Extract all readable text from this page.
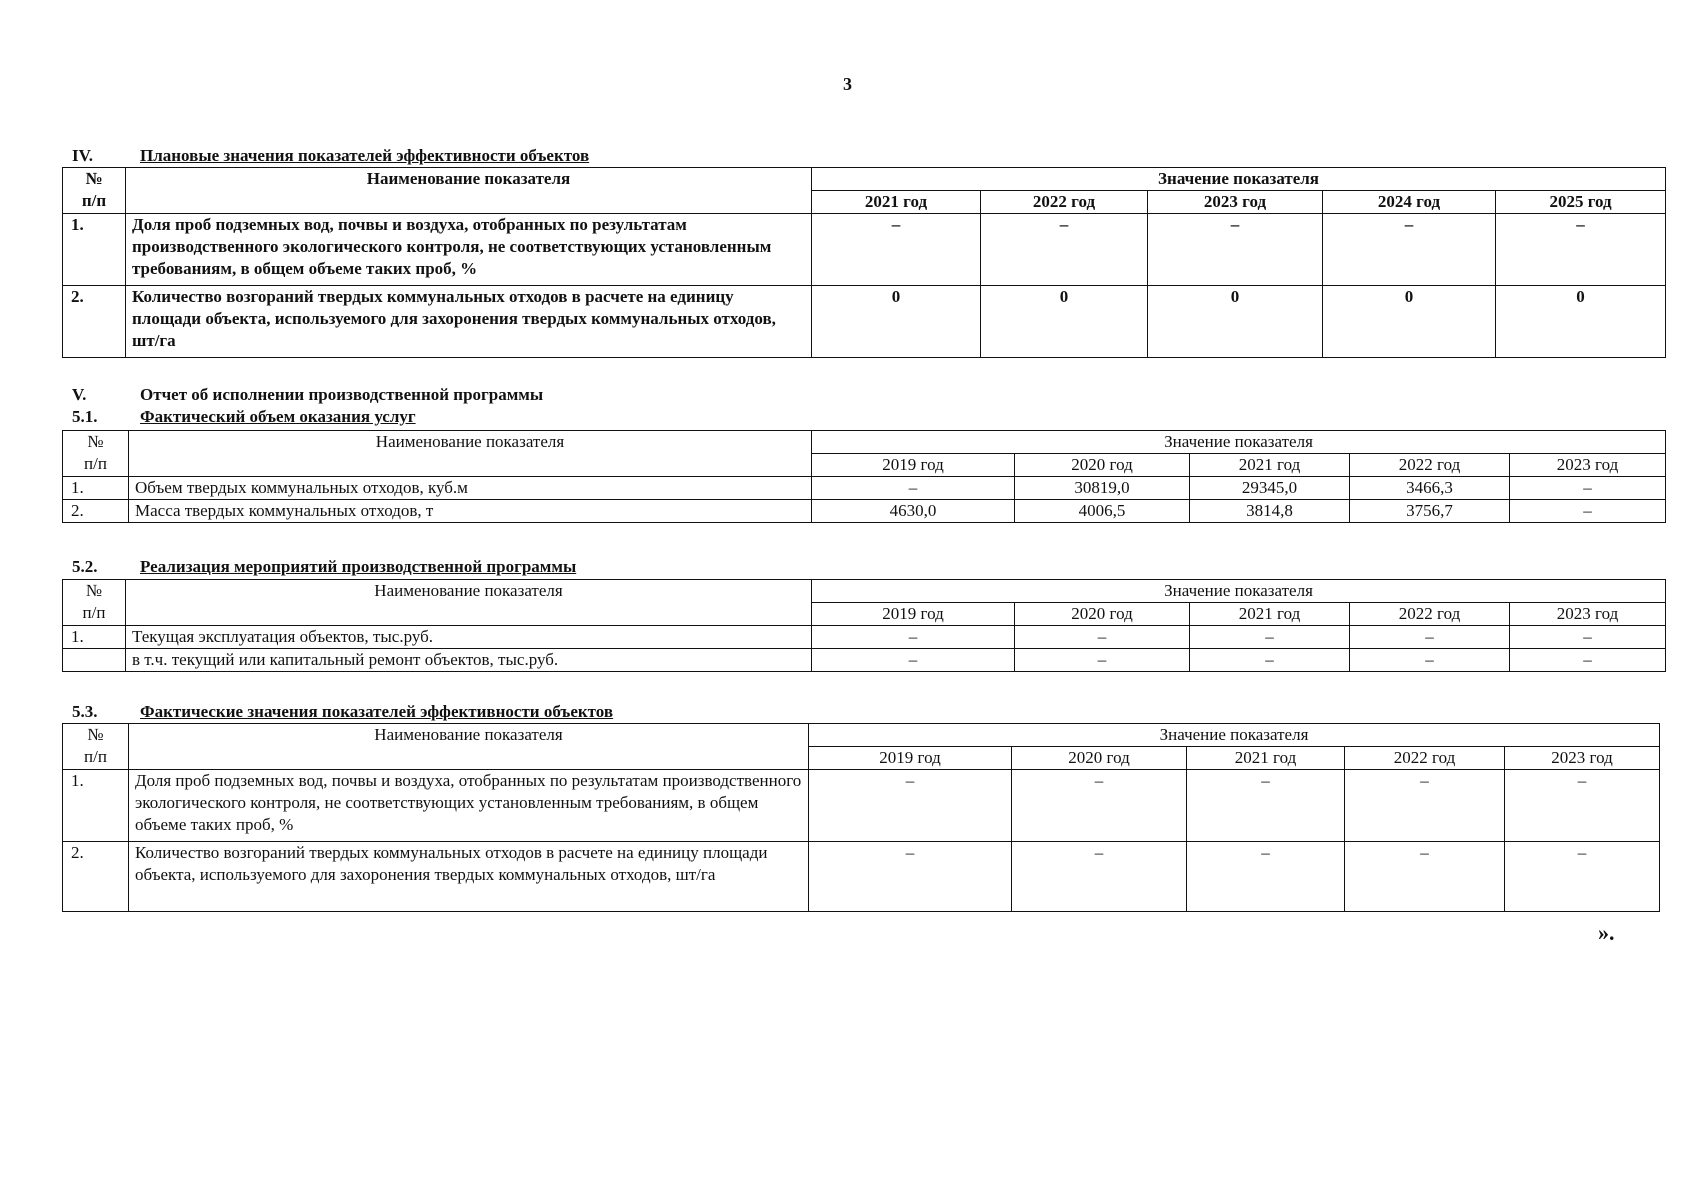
3
IV.	Плановые значения показателей эффективности объектов
№
п/п	Наименование показателя	Значение показателя				
		2021 год	2022 год	2023 год	2024 год	2025 год
1.	Доля проб подземных вод, почвы и воздуха, отобранных по результатам производственного экологического контроля, не соответствующих установленным требованиям, в общем объеме таких проб, %	–	–	–	–	–
2.	Количество возгораний твердых коммунальных отходов в расчете на единицу площади объекта, используемого для захоронения твердых коммунальных отходов, шт/га	0	0	0	0	0
V.	Отчет об исполнении производственной программы
5.1.	Фактический объем оказания услуг
№
п/п	Наименование показателя	Значение показателя				
		2019 год	2020 год	2021 год	2022 год	2023 год
1.	Объем твердых коммунальных отходов, куб.м	–	30819,0	29345,0	3466,3	–
2.	Масса твердых коммунальных отходов, т	4630,0	4006,5	3814,8	3756,7	–
5.2.	Реализация мероприятий производственной программы
№
п/п	Наименование показателя	Значение показателя				
		2019 год	2020 год	2021 год	2022 год	2023 год
1.	Текущая эксплуатация объектов, тыс.руб.	–	–	–	–	–
	в т.ч. текущий или капитальный ремонт объектов, тыс.руб.	–	–	–	–	–
5.3.	Фактические значения показателей эффективности объектов
№
п/п	Наименование показателя	Значение показателя				
		2019 год	2020 год	2021 год	2022 год	2023 год
1.	Доля проб подземных вод, почвы и воздуха, отобранных по результатам производственного экологического контроля, не соответствующих установленным требованиям, в общем объеме таких проб, %	–	–	–	–	–
2.	Количество возгораний твердых коммунальных отходов в расчете на единицу площади объекта, используемого для захоронения твердых коммунальных отходов, шт/га	–	–	–	–	–
».
